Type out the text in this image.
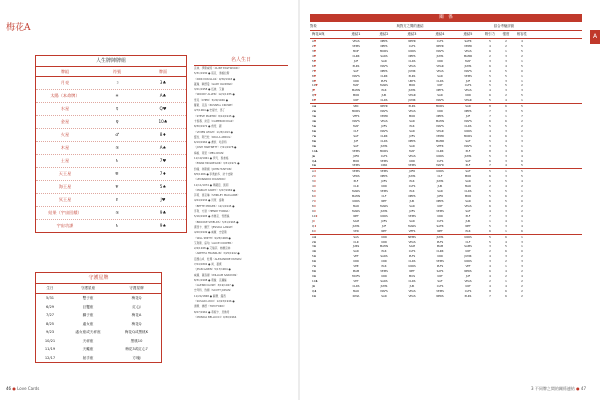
梅花A
人生牌陣牌組
牌組	符號	牌面
月亮	☽	3♣
太陽（本命牌）	☀	A♣
水星	☿	Q♥
金星	♀	10♣
火星	♂	8♦
木星	♃	A♠
土星	♄	7♥
天王星	♅	7♦
海王星	♆	5♠
冥王星	♇	J♥
結果（宇宙回饋）	♃	9♣
宇宙功課	♄	9♠
名人生日
克林．伊斯威特（CLINT EASTWOOD）
5/31/1930 ● 寇克．道格拉斯
（KIRK DOUGLAS）9/30/1918 ●
蓋瑞．歐德曼（GARY OLDMAN）
3/21/1958 ● 伍迪．艾倫
（WOODY ALLEN）12/1/1935 ●
雪兒（CHER）5/20/1946 ●
羅素．克洛（RUSSELL CROWE）
4/7/1964 ● 史提夫．馬丁
（STEVE MARTIN）8/14/1945 ●
卡麥蓉．狄亞（CAMERON DIAZ）
8/30/1972 ● 費雯．麗
（VIVIEN LEIGH）11/5/1913 ●
寶拉．阿巴杜（PAULA ABDUL）
6/19/1962 ● 喬許．哈奈特
（JOSH HARTNETT）7/21/1978 ●
梅格．萊恩（MEG RYAN）
11/19/1961 ● 伊凡．麥奎格
（EWAN MCGREGOR）3/31/1971 ●
約翰．休斯頓（JOHN HUSTON）
8/5/1906 ● 李奧納多．狄卡皮歐
（LEONARDO DICAPRIO）
11/11/1974 ● 瑪麗亞．凱莉
（MARIAH CAREY）3/27/1969 ●
莎莉．麥克琳（SHIRLEY MACLAINE）
4/24/1934 ● 貝蒂．蜜勒
（BETTE MIDLER）12/1/1945 ●
亨利．方達（HENRY FONDA）
5/16/1905 ● 布魯克．雪德絲
（BROOKE SHIELDS）5/31/1965 ●
潔西卡．蘭芝（JESSICA LANGE）
4/20/1949 ● 威爾．史密斯
（WILL SMITH）9/25/1968 ●
艾利斯．庫珀（ALICE COOPER）
2/4/1948 ● 艾瑞莎．弗蘭克林
（ARETHA FRANKLIN）3/25/1942 ●
亞歷山卓．杜瑪（ALEXANDRE DUMAS）
7/24/1802 ● 尚．嘉賓
（JEAN GABIN）5/17/1904 ●
威廉．薩洛揚（WILLIAM SAROYAN）
8/31/1908 ● 葛倫．克蘿絲
（GLENN CLOSE）3/19/1947 ●
史考特．約爾（SCOTT JOPLIN）
11/24/1868 ● 蘇珊．露西
（SUSAN LUCCI）12/23/1946 ●
湯姆．佛德（TOM FORD）
8/27/1961 ● 莫妮卡．貝魯奇
（MONICA BELLUCCI）9/30/1964
守護星牌
生日	守護星座	守護星牌
5/31	雙子座	梅花Q
6/29	巨蟹座	紅心J
7/27	獅子座	梅花A
8/25	處女座	梅花Q
9/23	處女座或天秤座	梅花Q或黑桃K
10/21	天秤座	黑桃10
11/19	天蠍座	梅花3或紅心7
12/17	射手座	方塊J
46 ● Love Cards
A
關　係
對象	與對方之間的連結	綜合考驗評級
梅花A與	連結1	連結2	連結3	連結4	連結5	吸引力	強度	相容性
A♥	VEAS	NEPS	NEPR	CLFS	SAFR	5	2	4
2♥	VEMS	NEPS	CLFS	NEPR	VEMR	4	2	5
3♥	MOF	MORS	URRS	MAFS	VEAS	6	1	5
4♥	CLRR	SARS	NEPS	JUMS	MAMR	2	3	2
5♥	JUF	SAR	CLRS	URR	MAF	3	3	1
6♥	PLRS	MAFS	VEAS	VEAR	JUMS	6	4	5
7♥	SAF	NEPS	JUMR	VEAS	MAFS	4	5	0
8♥	MAFS	CLRR	PLRS	SAR	VEMS	5	5	1
9♥	URR	PLFS	URFS	CLRS	JUF	4	3	1
10♥	MAF	MARS	MOR	URF	CLFS	5	5	2
J♥	MAMS	PLR	JUMS	NEFS	VEAS	4	3	3
Q♥	MOR	JUR	VEAR	SAR	URR	6	2	5
K♥	URF	CLRS	JUMR	MAFS	VEAR	5	4	1
A♣	SBC	NEPR	PLRS	MORS	SAR	8	6	5
2♣	MORS	MAFS	VEAS	URR	NEPS	7	3	5
3♣	VEFS	VEMR	MOR	NEPS	JUF	7	1	7
4♣	MAFS	VEAS	SAR	MAMS	MAFS	6	6	2
5♣	MAF	JUFS	PLR	MAFS	CLRS	5	5	2
6♣	CLF	MAFS	SAR	VEAR	URRS	4	3	2
7♣	SAF	CLRR	JUFS	VEMR	MORS	4	6	1
8♣	JUF	CLRS	NEPS	MAMR	SAF	5	4	3
9♣	SAF	JUMS	SAR	VEFR	MAFS	3	5	1
10♣	VEMS	MORS	MAF	CLRR	PLF	8	4	6
J♣	JUFR	CLFS	VEAS	URRS	JUMS	5	3	4
Q♣	MOR	VEMS	URR	CLFS	SAF	6	3	6
K♣	VEMS	CIRR	VEMS	MAFR	PLF	7	4	5
A♦	VEMS	VEMS	JUFR	URRS	SAF	5	1	5
2♦	VERS	NEPS	JUMS	CLF	MOR	6	3	5
3♦	PLF	JUFS	PLR	JUMS	SAR	5	5	4
4♦	CLR	URR	CLFS	JUR	MAR	2	4	2
5♦	MARS	VEMS	PLR	SAR	CLRS	5	5	1
6♦	MAMS	CLF	NEPS	JUFR	MOR	5	6	2
7♦	URRS	NEF	JUR	NEPS	SAR	6	5	0
8♦	MAR	MARS	SAR	URF	VEAS	6	6	2
9♦	MARS	JUMS	JUFS	VEMS	SAF	4	3	2
10♦	NEF	URRS	VEMS	URR	PLF	7	3	4
J♦	SAM	JUFS	SAR	CLFS	JUR	1	4	1
Q♦	JUMS	JUF	MARS	SAFR	NEF	5	3	4
K♦	VER	NEF	VEFS	NEF	PLR	6	1	6
A♠	SAS	URR	NEMS	JUMS	URRS	5	6	1
2♠	CLR	URR	VEAS	PLFS	CLF	5	4	3
3♠	JURS	MAMS	SAM	MAM	SAMS	3	5	1
4♠	SAR	PLR	CLFS	CLRR	URF	2	6	0
5♠	VEF	SARS	PLFS	URR	JUMR	4	3	2
6♠	URR	CRR	CLRS	VEMS	URRS	3	2	3
7♠	VEE	PLR	URRS	PLFS	VEF	4	1	3
8♠	MAM	VEMS	NEF	SAFS	NERS	6	4	2
9♠	MOFS	URR	MOS	URF	JUF	4	2	4
10♠	VET	SARS	CLRS	SAF	VEAS	2	1	2
J♠	CLRS	JUMS	JUR	CLFS	URF	4	4	2
Q♠	MAR	MAFS	VEAS	VEMS	CLFS	8	6	2
K♠	KIMA	SAR	VEAS	NERS	PLRS	7	6	2
3 不同牌之間的關係連結 ● 47
